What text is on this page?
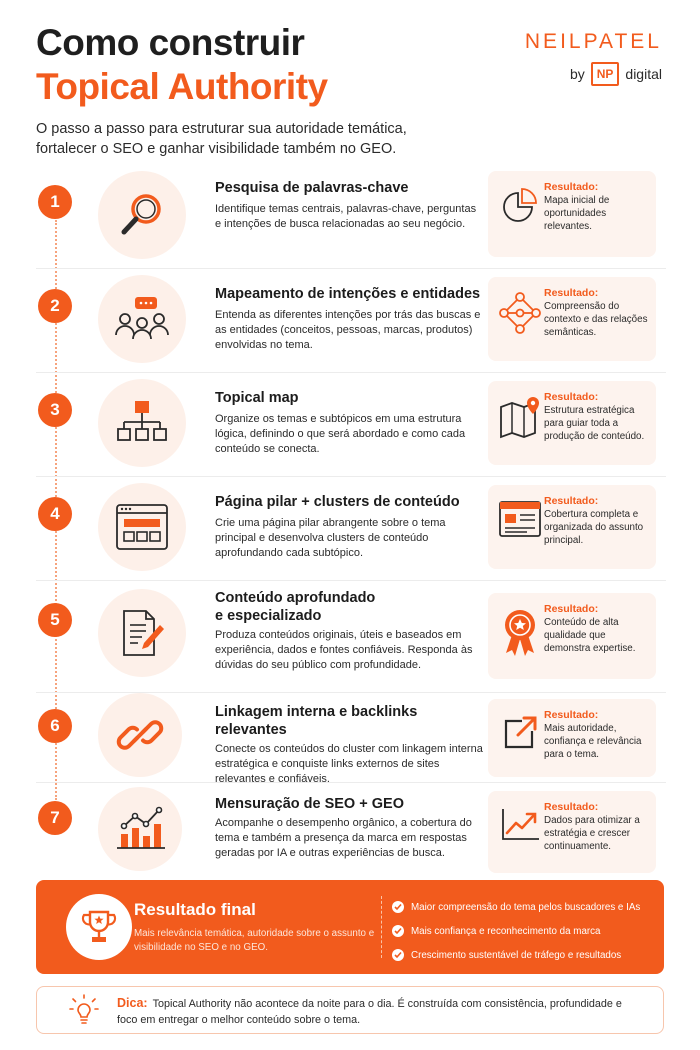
Como construir
Topical Authority
O passo a passo para estruturar sua autoridade temática, fortalecer o SEO e ganhar visibilidade também no GEO.
NEILPATEL
by	NP digital
1
Pesquisa de palavras-chave
Identifique temas centrais, palavras-chave, perguntas e intenções de busca relacionadas ao seu negócio.
Resultado:
Mapa inicial de oportunidades relevantes.
2
Mapeamento de intenções e entidades
Entenda as diferentes intenções por trás das buscas e as entidades (conceitos, pessoas, marcas, produtos) envolvidas no tema.
Resultado:
Compreensão do contexto e das relações semânticas.
3
Topical map
Organize os temas e subtópicos em uma estrutura lógica, definindo o que será abordado e como cada conteúdo se conecta.
Resultado:
Estrutura estratégica para guiar toda a produção de conteúdo.
4
Página pilar + clusters de conteúdo
Crie uma página pilar abrangente sobre o tema principal e desenvolva clusters de conteúdo aprofundando cada subtópico.
Resultado:
Cobertura completa e organizada do assunto principal.
5
Conteúdo aprofundado e especializado
Produza conteúdos originais, úteis e baseados em experiência, dados e fontes confiáveis. Responda às dúvidas do seu público com profundidade.
Resultado:
Conteúdo de alta qualidade que demonstra expertise.
6
Linkagem interna e backlinks relevantes
Conecte os conteúdos do cluster com linkagem interna estratégica e conquiste links externos de sites relevantes e confiáveis.
Resultado:
Mais autoridade, confiança e relevância para o tema.
7
Mensuração de SEO + GEO
Acompanhe o desempenho orgânico, a cobertura do tema e também a presença da marca em respostas geradas por IA e outras experiências de busca.
Resultado:
Dados para otimizar a estratégia e crescer continuamente.
Resultado final
Mais relevância temática, autoridade sobre o assunto e visibilidade no SEO e no GEO.
Maior compreensão do tema pelos buscadores e IAs
Mais confiança e reconhecimento da marca
Crescimento sustentável de tráfego e resultados
Dica: Topical Authority não acontece da noite para o dia. É construída com consistência, profundidade e foco em entregar o melhor conteúdo sobre o tema.
